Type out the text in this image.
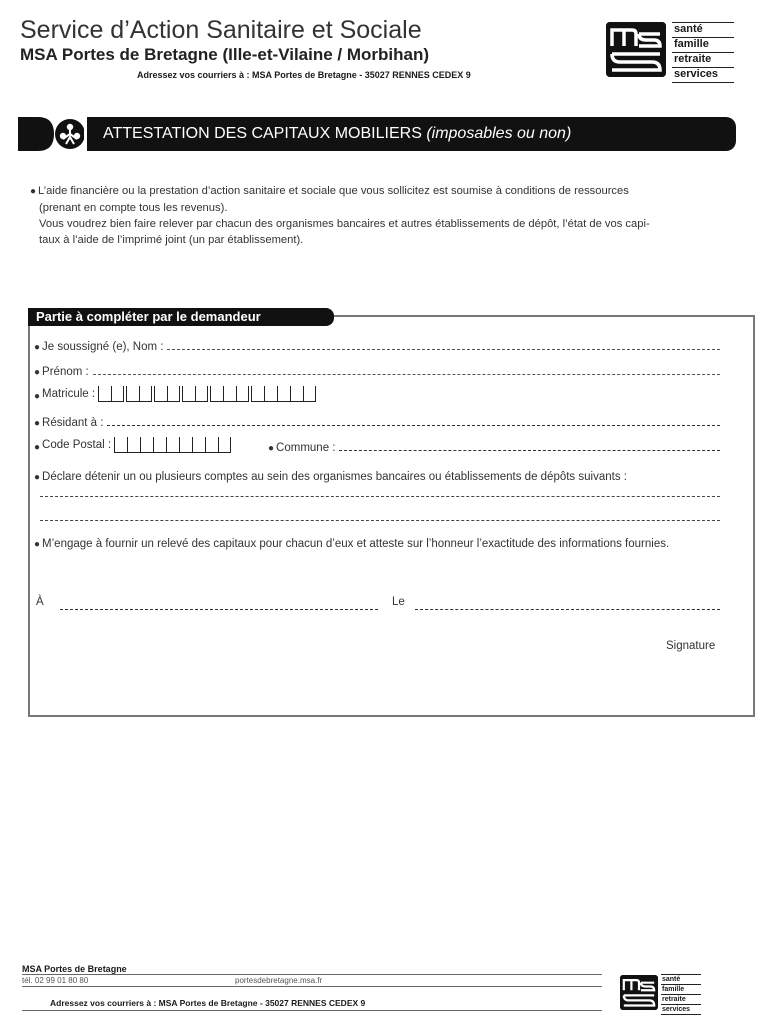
Service d’Action Sanitaire et Sociale
MSA Portes de Bretagne (Ille-et-Vilaine / Morbihan)
Adressez vos courriers à : MSA Portes de Bretagne - 35027 RENNES CEDEX 9
santé
famille
retraite
services
ATTESTATION DES CAPITAUX MOBILIERS (imposables ou non)

● L’aide financière ou la prestation d’action sanitaire et sociale que vous sollicitez est soumise à conditions de ressources

(prenant en compte tous les revenus).

Vous voudrez bien faire relever par chacun des organismes bancaires et autres établissements de dépôt, l’état de vos capi-

taux à l’aide de l’imprimé joint (un par établissement).

Partie à compléter par le demandeur
● Je soussigné (e), Nom :
● Prénom :
● Matricule :
● Résidant à :
● Code Postal :	● Commune :
● Déclare détenir un ou plusieurs comptes au sein des organismes bancaires ou établissements de dépôts suivants :
● M’engage à fournir un relevé des capitaux pour chacun d’eux et atteste sur l’honneur l’exactitude des informations fournies.
À	Le
Signature
MSA Portes de Bretagne
tél. 02 99 01 80 80	portesdebretagne.msa.fr
Adressez vos courriers à : MSA Portes de Bretagne - 35027 RENNES CEDEX 9
santé
famille
retraite
services
